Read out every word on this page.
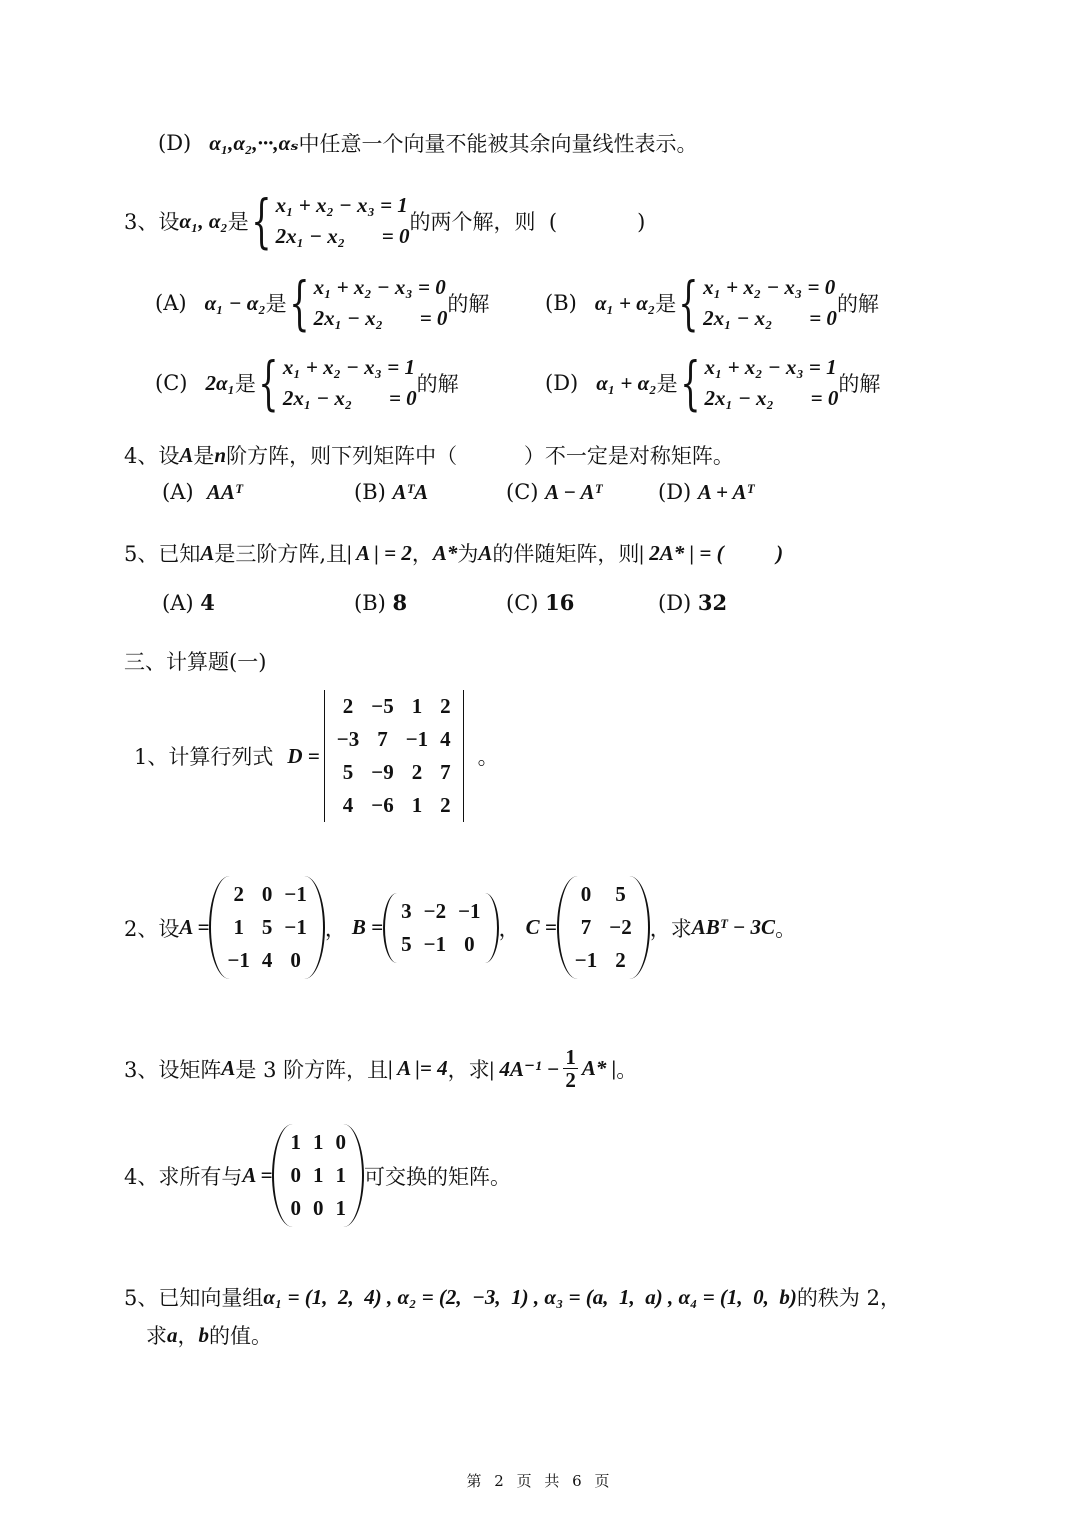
(D) α₁,α₂,···,αₛ 中任意一个向量不能被其余向量线性表示。
3、设 α₁, α₂ 是 { x₁ + x₂ − x₃ = 1
2x₁ − x₂       = 0
的两个解，则  (            )
(A) α₁ − α₂ 是 { x₁ + x₂ − x₃ = 0
2x₁ − x₂       = 0
的解	(B) α₁ + α₂ 是 { x₁ + x₂ − x₃ = 0
2x₁ − x₂       = 0
的解
(C) 2α₁ 是 { x₁ + x₂ − x₃ = 1
2x₁ − x₂       = 0
的解	(D) α₁ + α₂ 是 { x₁ + x₂ − x₃ = 1
2x₁ − x₂       = 0
的解
4、设 A 是 n 阶方阵，则下列矩阵中（          ）不一定是对称矩阵。
(A) AAᵀ	(B) AᵀA	(C) A − Aᵀ	(D) A + Aᵀ
5、已知 A 是三阶方阵,且 | A | = 2 ， A* 为 A 的伴随矩阵，则 | 2A* | = (          )
(A) 4	(B) 8	(C) 16	(D) 32
三、计算题(一)
1、计算行列式 D =
2 −5 1 2
−3 7 −1 4
5 −9 2 7
4 −6 1 2
。
2、设 A =
2 0 −1
1 5 −1
−1 4 0
， B =
3 −2 −1
5 −1 0
， C =
0	5
7 −2
−1 2
，求 ABᵀ − 3C 。
3、设矩阵 A 是 3 阶方阵，且 | A |= 4 ，求 | $4A^{-1} - \frac{1}{2} A*$ | 。
4、求所有与 A =
1 1 0
0 1 1
0 0 1
可交换的矩阵。
5、已知向量组 α₁ = (1,  2,  4) , α₂ = (2,  −3,  1) , α₃ = (a,  1,  a) , α₄ = (1,  0,  b) 的秩为 2，
求 a ， b 的值。
第 2 页 共 6 页
